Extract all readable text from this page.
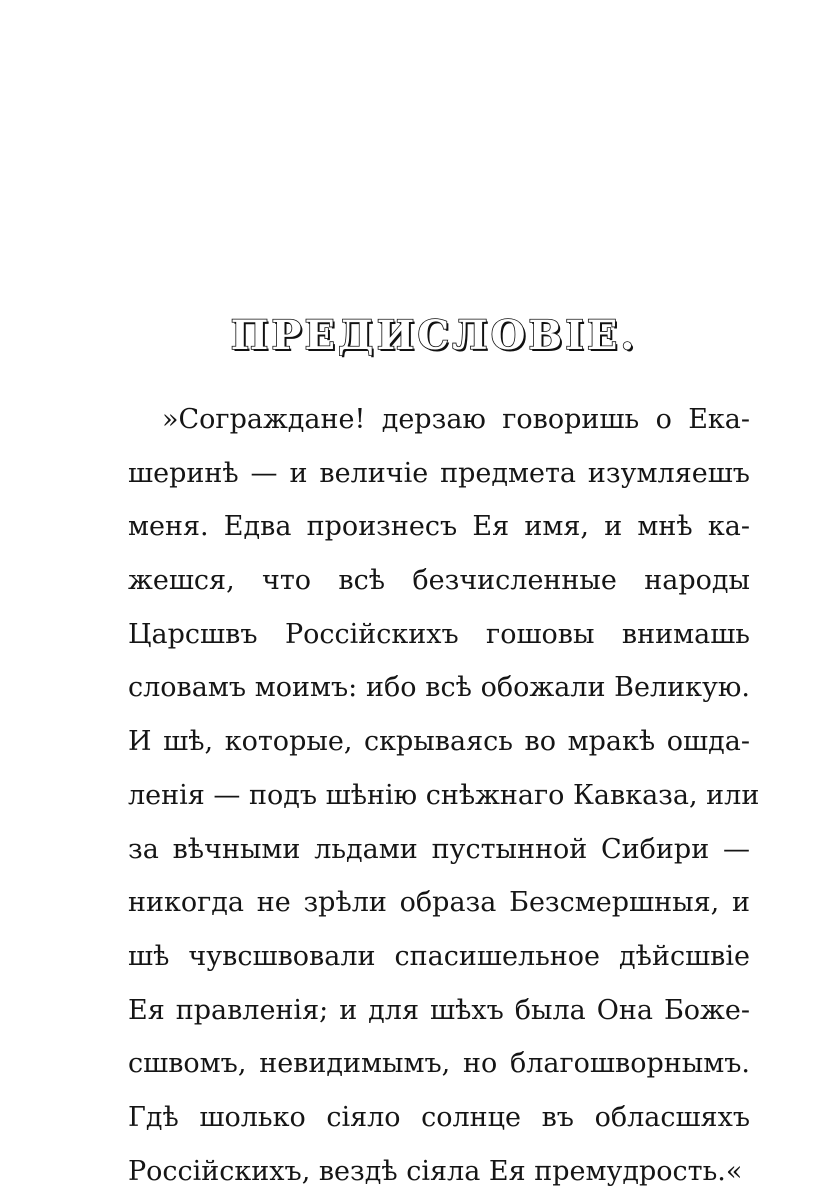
ПРЕДИСЛОВІЕ.
»Сограждане! дерзаю говоришь о Ека-
шеринѣ — и величіе предмета изумляешъ
меня. Едва произнесъ Ея имя, и мнѣ ка-
жешся, что всѣ безчисленные народы
Царсшвъ Россійскихъ гошовы внимашь
словамъ моимъ: ибо всѣ обожали Великую.
И шѣ, которые, скрываясь во мракѣ ошда-
ленія — подъ шѣнію снѣжнаго Кавказа, или
за вѣчными льдами пустынной Сибири —
никогда не зрѣли образа Безсмершныя, и
шѣ чувсшвовали спасишельное дѣйсшвіе
Ея правленія; и для шѣхъ была Она Боже-
сшвомъ, невидимымъ, но благошворнымъ.
Гдѣ шолько сіяло солнце въ обласшяхъ
Россійскихъ, вездѣ сіяла Ея премудрость.«
